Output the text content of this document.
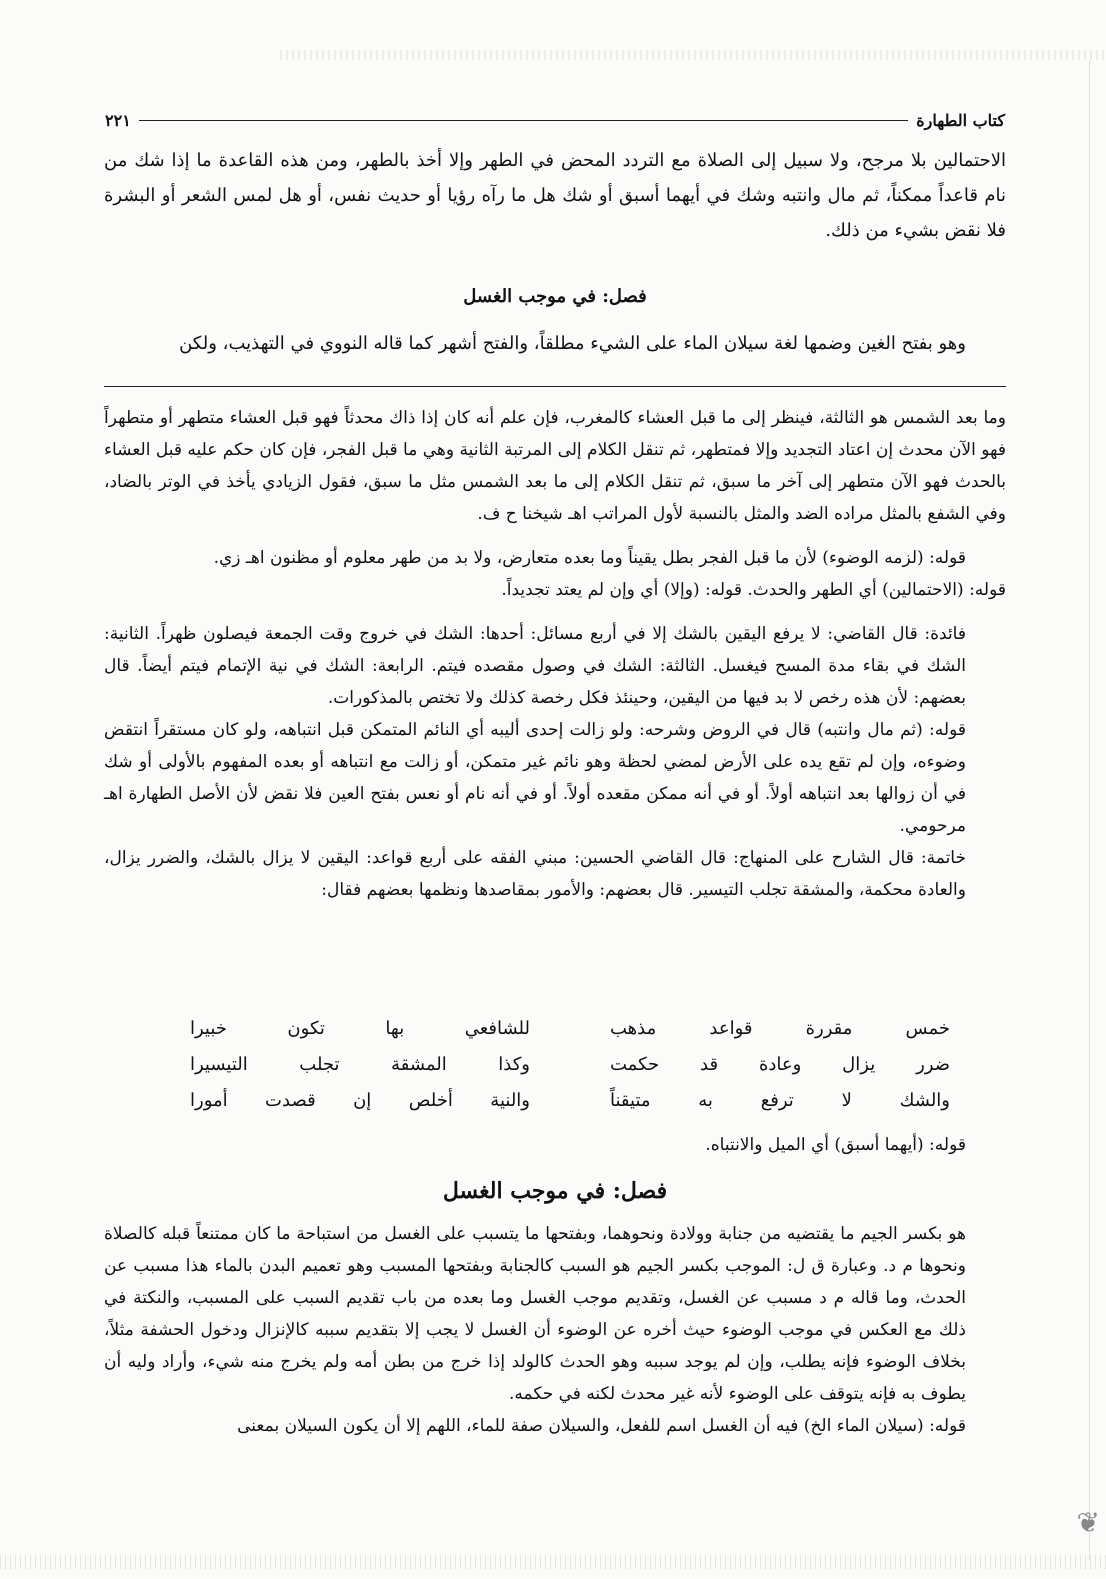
كتاب الطهارة
٢٢١

الاحتمالين بلا مرجح، ولا سبيل إلى الصلاة مع التردد المحض في الطهر وإلا أخذ بالطهر، ومن هذه القاعدة ما إذا شك من نام قاعداً ممكناً، ثم مال وانتبه وشك في أيهما أسبق أو شك هل ما رآه رؤيا أو حديث نفس، أو هل لمس الشعر أو البشرة فلا نقض بشيء من ذلك.

فصل: في موجب الغسل

وهو بفتح الغين وضمها لغة سيلان الماء على الشيء مطلقاً، والفتح أشهر كما قاله النووي في التهذيب، ولكن

وما بعد الشمس هو الثالثة، فينظر إلى ما قبل العشاء كالمغرب، فإن علم أنه كان إذا ذاك محدثاً فهو قبل العشاء متطهر أو متطهراً فهو الآن محدث إن اعتاد التجديد وإلا فمتطهر، ثم تنقل الكلام إلى المرتبة الثانية وهي ما قبل الفجر، فإن كان حكم عليه قبل العشاء بالحدث فهو الآن متطهر إلى آخر ما سبق، ثم تنقل الكلام إلى ما بعد الشمس مثل ما سبق، فقول الزيادي يأخذ في الوتر بالضاد، وفي الشفع بالمثل مراده الضد والمثل بالنسبة لأول المراتب اهـ شيخنا ح ف.

قوله: (لزمه الوضوء) لأن ما قبل الفجر بطل يقيناً وما بعده متعارض، ولا بد من طهر معلوم أو مظنون اهـ زي.

قوله: (الاحتمالين) أي الطهر والحدث. قوله: (وإلا) أي وإن لم يعتد تجديداً.

فائدة: قال القاضي: لا يرفع اليقين بالشك إلا في أربع مسائل: أحدها: الشك في خروج وقت الجمعة فيصلون ظهراً. الثانية: الشك في بقاء مدة المسح فيغسل. الثالثة: الشك في وصول مقصده فيتم. الرابعة: الشك في نية الإتمام فيتم أيضاً. قال بعضهم: لأن هذه رخص لا بد فيها من اليقين، وحينئذ فكل رخصة كذلك ولا تختص بالمذكورات.

قوله: (ثم مال وانتبه) قال في الروض وشرحه: ولو زالت إحدى أليبه أي النائم المتمكن قبل انتباهه، ولو كان مستقراً انتقض وضوءه، وإن لم تقع يده على الأرض لمضي لحظة وهو نائم غير متمكن، أو زالت مع انتباهه أو بعده المفهوم بالأولى أو شك في أن زوالها بعد انتباهه أولاً. أو في أنه ممكن مقعده أولاً. أو في أنه نام أو نعس بفتح العين فلا نقض لأن الأصل الطهارة اهـ مرحومي.

خاتمة: قال الشارح على المنهاج: قال القاضي الحسين: مبني الفقه على أربع قواعد: اليقين لا يزال بالشك، والضرر يزال، والعادة محكمة، والمشقة تجلب التيسير. قال بعضهم: والأمور بمقاصدها ونظمها بعضهم فقال:

خمس مقررة قواعد مذهب
للشافعي بها تكون خبيرا
ضرر يزال وعادة قد حكمت
وكذا المشقة تجلب التيسيرا
والشك لا ترفع به متيقناً
والنية أخلص إن قصدت أمورا

قوله: (أيهما أسبق) أي الميل والانتباه.

فصل: في موجب الغسل

هو بكسر الجيم ما يقتضيه من جنابة وولادة ونحوهما، وبفتحها ما يتسبب على الغسل من استباحة ما كان ممتنعاً قبله كالصلاة ونحوها م د. وعبارة ق ل: الموجب بكسر الجيم هو السبب كالجنابة وبفتحها المسبب وهو تعميم البدن بالماء هذا مسبب عن الحدث، وما قاله م د مسبب عن الغسل، وتقديم موجب الغسل وما بعده من باب تقديم السبب على المسبب، والنكتة في ذلك مع العكس في موجب الوضوء حيث أخره عن الوضوء أن الغسل لا يجب إلا بتقديم سببه كالإنزال ودخول الحشفة مثلاً، بخلاف الوضوء فإنه يطلب، وإن لم يوجد سببه وهو الحدث كالولد إذا خرج من بطن أمه ولم يخرج منه شيء، وأراد وليه أن يطوف به فإنه يتوقف على الوضوء لأنه غير محدث لكنه في حكمه.

قوله: (سيلان الماء الخ) فيه أن الغسل اسم للفعل، والسيلان صفة للماء، اللهم إلا أن يكون السيلان بمعنى

❦
